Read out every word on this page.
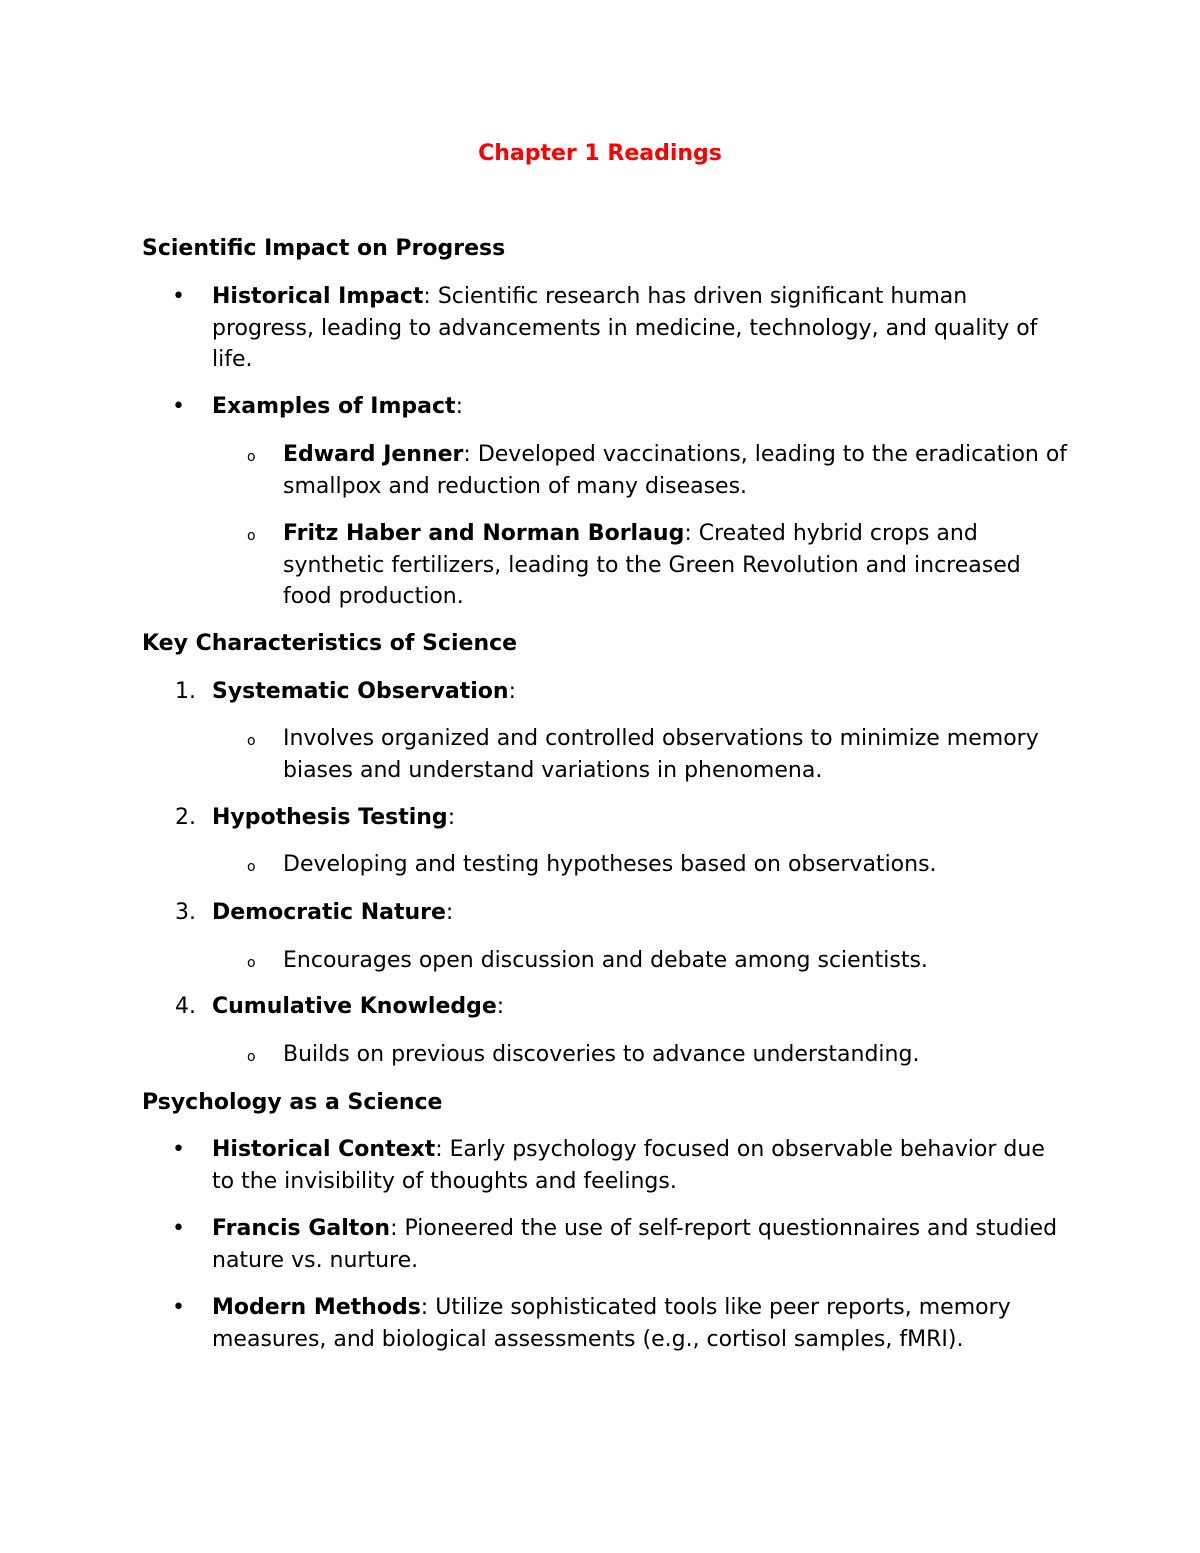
Chapter 1 Readings
Scientific Impact on Progress
• Historical Impact: Scientific research has driven significant human progress, leading to advancements in medicine, technology, and quality of life.
• Examples of Impact:
o Edward Jenner: Developed vaccinations, leading to the eradication of smallpox and reduction of many diseases.
o Fritz Haber and Norman Borlaug: Created hybrid crops and synthetic fertilizers, leading to the Green Revolution and increased food production.
Key Characteristics of Science
1. Systematic Observation:
o Involves organized and controlled observations to minimize memory biases and understand variations in phenomena.
2. Hypothesis Testing:
o Developing and testing hypotheses based on observations.
3. Democratic Nature:
o Encourages open discussion and debate among scientists.
4. Cumulative Knowledge:
o Builds on previous discoveries to advance understanding.
Psychology as a Science
• Historical Context: Early psychology focused on observable behavior due to the invisibility of thoughts and feelings.
• Francis Galton: Pioneered the use of self-report questionnaires and studied nature vs. nurture.
• Modern Methods: Utilize sophisticated tools like peer reports, memory measures, and biological assessments (e.g., cortisol samples, fMRI).
